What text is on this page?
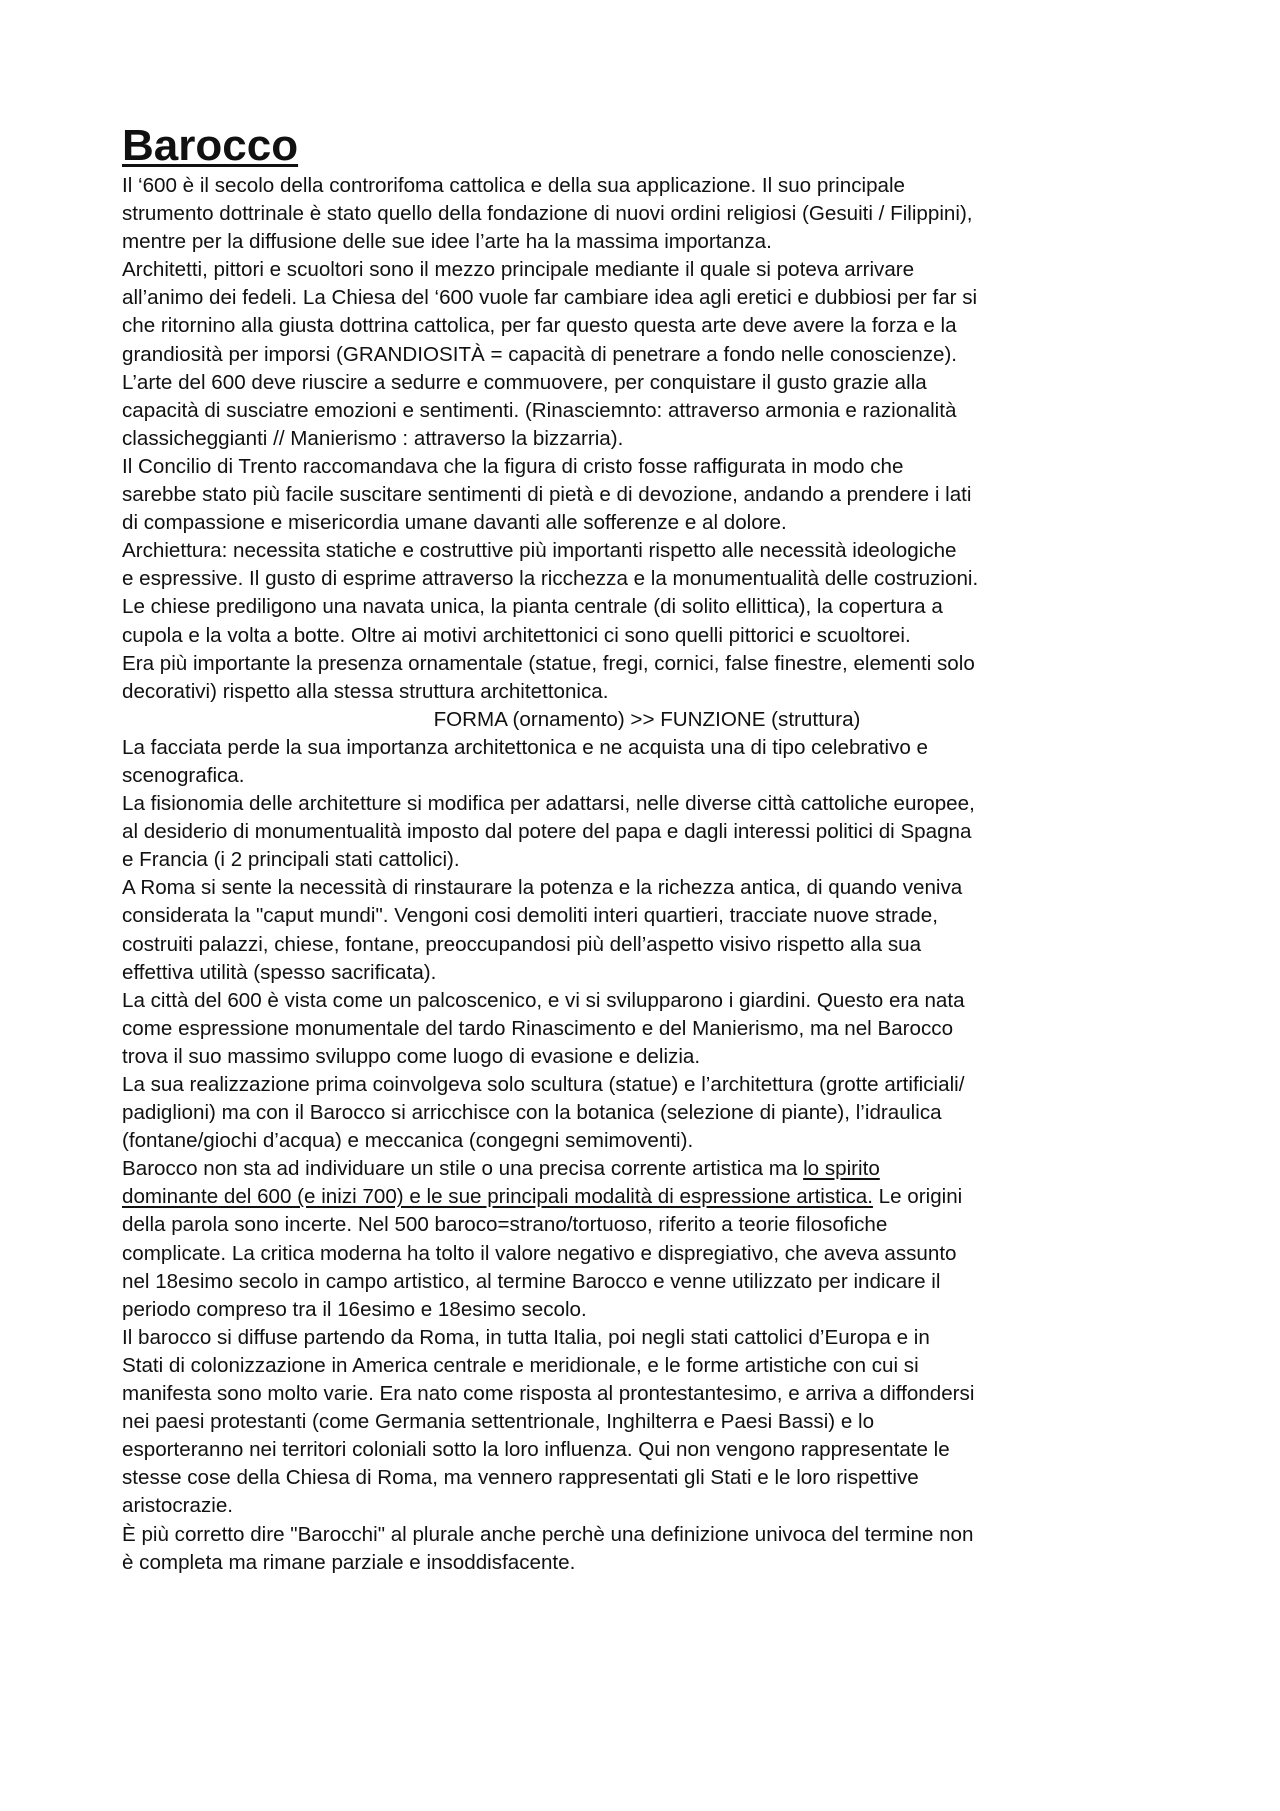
Barocco
Il ‘600 è il secolo della controrifoma cattolica e della sua applicazione. Il suo principale
strumento dottrinale è stato quello della fondazione di nuovi ordini religiosi (Gesuiti / Filippini),
mentre per la diffusione delle sue idee l’arte ha la massima importanza.
Architetti, pittori e scuoltori sono il mezzo principale mediante il quale si poteva arrivare
all’animo dei fedeli. La Chiesa del ‘600 vuole far cambiare idea agli eretici e dubbiosi per far si
che ritornino alla giusta dottrina cattolica, per far questo questa arte deve avere la forza e la
grandiosità per imporsi (GRANDIOSITÀ = capacità di penetrare a fondo nelle conoscienze).
L’arte del 600 deve riuscire a sedurre e commuovere, per conquistare il gusto grazie alla
capacità di susciatre emozioni e sentimenti. (Rinasciemnto: attraverso armonia e razionalità
classicheggianti // Manierismo : attraverso la bizzarria).
Il Concilio di Trento raccomandava che la figura di cristo fosse raffigurata in modo che
sarebbe stato più facile suscitare sentimenti di pietà e di devozione, andando a prendere i lati
di compassione e misericordia umane davanti alle sofferenze e al dolore.
Archiettura: necessita statiche e costruttive più importanti rispetto alle necessità ideologiche
e espressive. Il gusto di esprime attraverso la ricchezza e la monumentualità delle costruzioni.
Le chiese prediligono una navata unica, la pianta centrale (di solito ellittica), la copertura a
cupola e la volta a botte. Oltre ai motivi architettonici ci sono quelli pittorici e scuoltorei.
Era più importante la presenza ornamentale (statue, fregi, cornici, false finestre, elementi solo
decorativi) rispetto alla stessa struttura architettonica.
FORMA (ornamento) >> FUNZIONE (struttura)
La facciata perde la sua importanza architettonica e ne acquista una di tipo celebrativo e
scenografica.
La fisionomia delle architetture si modifica per adattarsi, nelle diverse città cattoliche europee,
al desiderio di monumentualità imposto dal potere del papa e dagli interessi politici di Spagna
e Francia (i 2 principali stati cattolici).
A Roma si sente la necessità di rinstaurare la potenza e la richezza antica, di quando veniva
considerata la "caput mundi". Vengoni cosi demoliti interi quartieri, tracciate nuove strade,
costruiti palazzi, chiese, fontane, preoccupandosi più dell’aspetto visivo rispetto alla sua
effettiva utilità (spesso sacrificata).
La città del 600 è vista come un palcoscenico, e vi si svilupparono i giardini. Questo era nata
come espressione monumentale del tardo Rinascimento e del Manierismo, ma nel Barocco
trova il suo massimo sviluppo come luogo di evasione e delizia.
La sua realizzazione prima coinvolgeva solo scultura (statue) e l’architettura (grotte artificiali/
padiglioni) ma con il Barocco si arricchisce con la botanica (selezione di piante), l’idraulica
(fontane/giochi d’acqua) e meccanica (congegni semimoventi).
Barocco non sta ad individuare un stile o una precisa corrente artistica ma lo spirito
dominante del 600 (e inizi 700) e le sue principali modalità di espressione artistica. Le origini
della parola sono incerte. Nel 500 baroco=strano/tortuoso, riferito a teorie filosofiche
complicate. La critica moderna ha tolto il valore negativo e dispregiativo, che aveva assunto
nel 18esimo secolo in campo artistico, al termine Barocco e venne utilizzato per indicare il
periodo compreso tra il 16esimo e 18esimo secolo.
Il barocco si diffuse partendo da Roma, in tutta Italia, poi negli stati cattolici d’Europa e in
Stati di colonizzazione in America centrale e meridionale, e le forme artistiche con cui si
manifesta sono molto varie. Era nato come risposta al prontestantesimo, e arriva a diffondersi
nei paesi protestanti (come Germania settentrionale, Inghilterra e Paesi Bassi) e lo
esporteranno nei territori coloniali sotto la loro influenza. Qui non vengono rappresentate le
stesse cose della Chiesa di Roma, ma vennero rappresentati gli Stati e le loro rispettive
aristocrazie.
È più corretto dire "Barocchi" al plurale anche perchè una definizione univoca del termine non
è completa ma rimane parziale e insoddisfacente.
